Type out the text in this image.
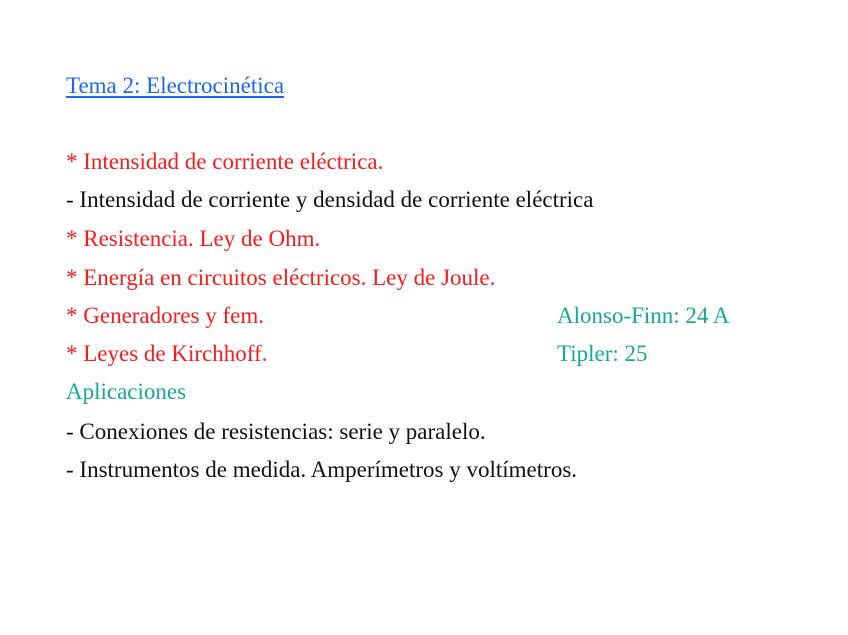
Tema 2: Electrocinética
* Intensidad de corriente eléctrica.
- Intensidad de corriente y densidad de corriente eléctrica
* Resistencia. Ley de Ohm.
* Energía en circuitos eléctricos. Ley de Joule.
* Generadores y fem.
* Leyes de Kirchhoff.
Aplicaciones
- Conexiones de resistencias: serie y paralelo.
- Instrumentos de medida. Amperímetros y voltímetros.
Alonso-Finn: 24 A
Tipler: 25
